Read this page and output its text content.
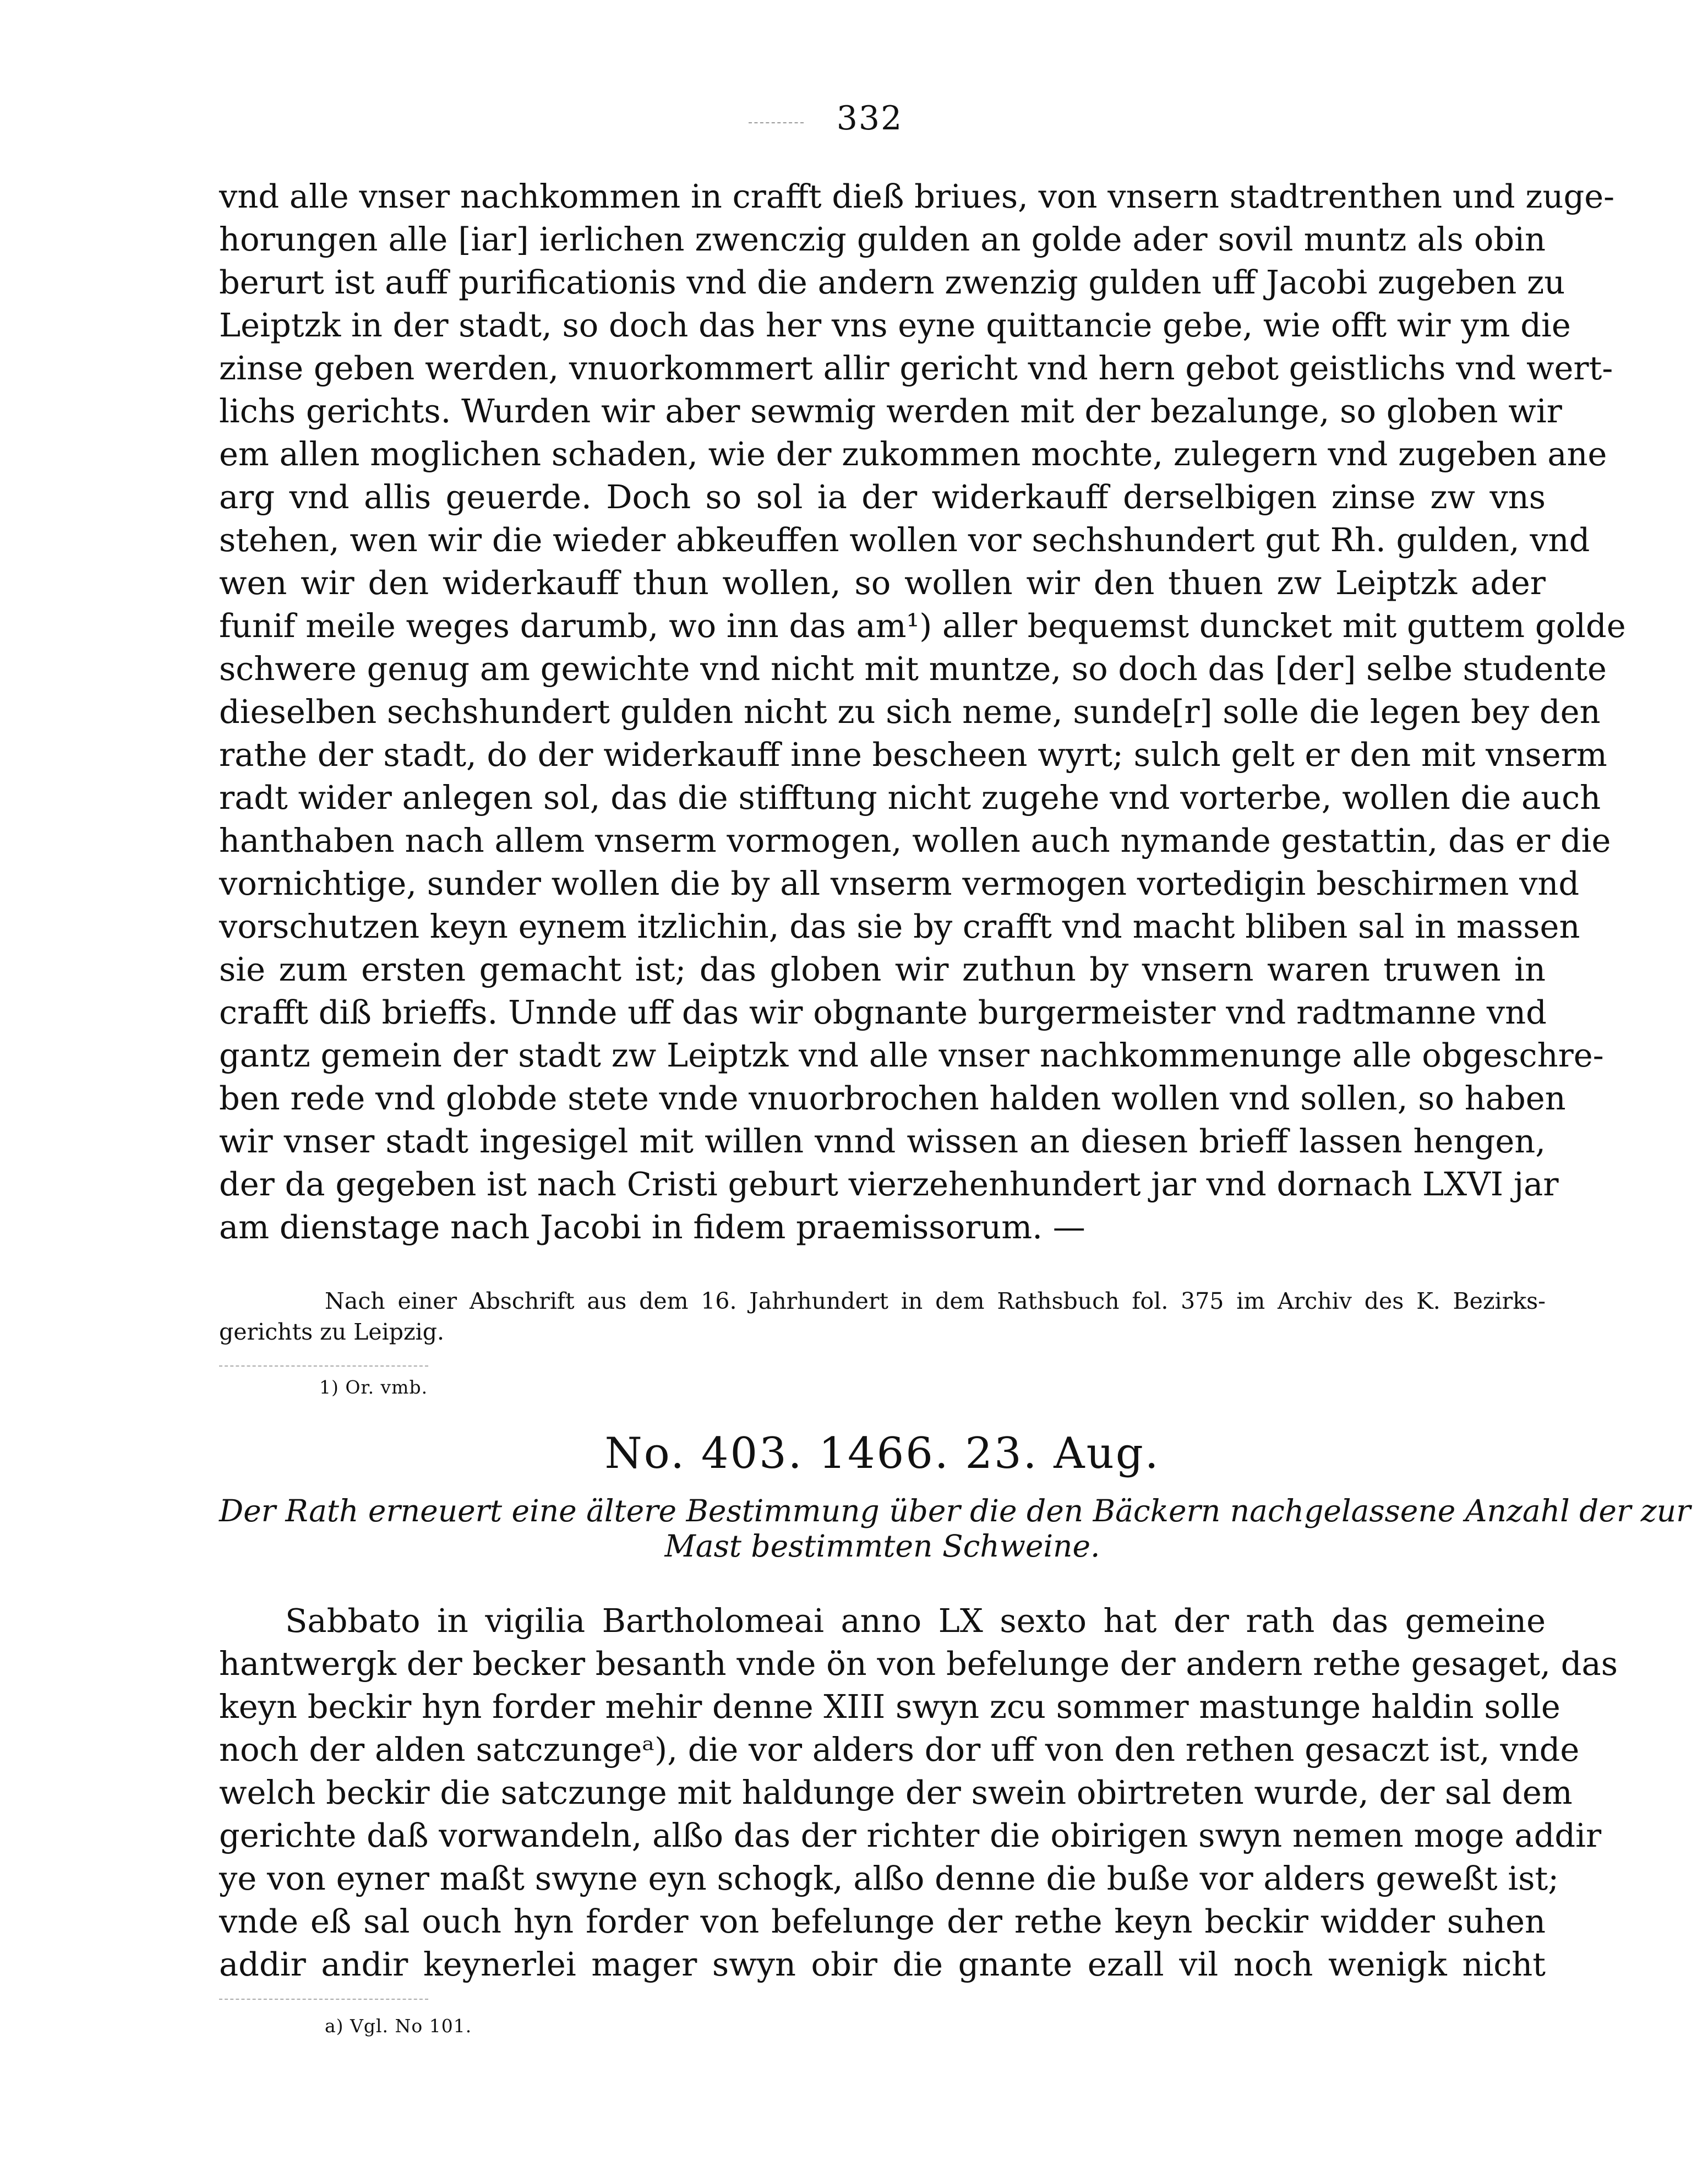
332
vnd alle vnser nachkommen in crafft dieß briues, von vnsern stadtrenthen und zuge-
horungen alle [iar] ierlichen zwenczig gulden an golde ader sovil muntz als obin
berurt ist auff purificationis vnd die andern zwenzig gulden uff Jacobi zugeben zu
Leiptzk in der stadt, so doch das her vns eyne quittancie gebe, wie offt wir ym die
zinse geben werden, vnuorkommert allir gericht vnd hern gebot geistlichs vnd wert-
lichs gerichts. Wurden wir aber sewmig werden mit der bezalunge, so globen wir
em allen moglichen schaden, wie der zukommen mochte, zulegern vnd zugeben ane
arg vnd allis geuerde. Doch so sol ia der widerkauff derselbigen zinse zw vns
stehen, wen wir die wieder abkeuffen wollen vor sechshundert gut Rh. gulden, vnd
wen wir den widerkauff thun wollen, so wollen wir den thuen zw Leiptzk ader
funif meile weges darumb, wo inn das am¹) aller bequemst duncket mit guttem golde
schwere genug am gewichte vnd nicht mit muntze, so doch das [der] selbe studente
dieselben sechshundert gulden nicht zu sich neme, sunde[r] solle die legen bey den
rathe der stadt, do der widerkauff inne bescheen wyrt; sulch gelt er den mit vnserm
radt wider anlegen sol, das die stifftung nicht zugehe vnd vorterbe, wollen die auch
hanthaben nach allem vnserm vormogen, wollen auch nymande gestattin, das er die
vornichtige, sunder wollen die by all vnserm vermogen vortedigin beschirmen vnd
vorschutzen keyn eynem itzlichin, das sie by crafft vnd macht bliben sal in massen
sie zum ersten gemacht ist; das globen wir zuthun by vnsern waren truwen in
crafft diß brieffs. Unnde uff das wir obgnante burgermeister vnd radtmanne vnd
gantz gemein der stadt zw Leiptzk vnd alle vnser nachkommenunge alle obgeschre-
ben rede vnd globde stete vnde vnuorbrochen halden wollen vnd sollen, so haben
wir vnser stadt ingesigel mit willen vnnd wissen an diesen brieff lassen hengen,
der da gegeben ist nach Cristi geburt vierzehenhundert jar vnd dornach LXVI jar
am dienstage nach Jacobi in fidem praemissorum. —
Nach einer Abschrift aus dem 16. Jahrhundert in dem Rathsbuch fol. 375 im Archiv des K. Bezirks-
gerichts zu Leipzig.
1) Or. vmb.
No. 403. 1466. 23. Aug.
Der Rath erneuert eine ältere Bestimmung über die den Bäckern nachgelassene Anzahl der zur
Mast bestimmten Schweine.
Sabbato in vigilia Bartholomeai anno LX sexto hat der rath das gemeine
hantwergk der becker besanth vnde ön von befelunge der andern rethe gesaget, das
keyn beckir hyn forder mehir denne XIII swyn zcu sommer mastunge haldin solle
noch der alden satczungeᵃ), die vor alders dor uff von den rethen gesaczt ist, vnde
welch beckir die satczunge mit haldunge der swein obirtreten wurde, der sal dem
gerichte daß vorwandeln, alßo das der richter die obirigen swyn nemen moge addir
ye von eyner maßt swyne eyn schogk, alßo denne die buße vor alders geweßt ist;
vnde eß sal ouch hyn forder von befelunge der rethe keyn beckir widder suhen
addir andir keynerlei mager swyn obir die gnante ezall vil noch wenigk nicht
a) Vgl. No 101.
